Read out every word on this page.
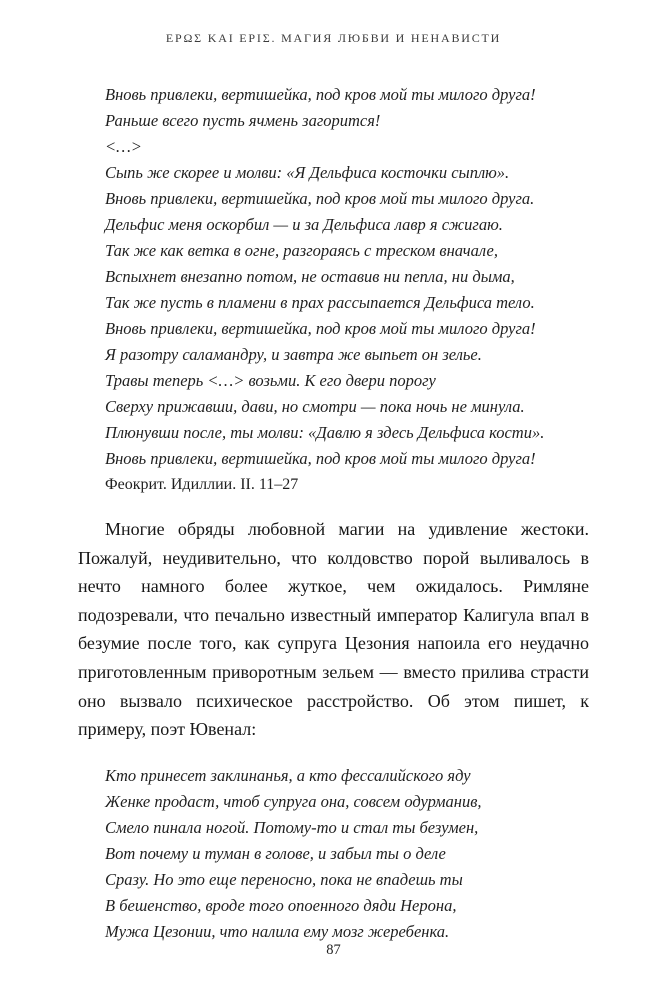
ΕΡΩΣ ΚΑΙ ΕΡΙΣ. МАГИЯ ЛЮБВИ И НЕНАВИСТИ
Вновь привлеки, вертишейка, под кров мой ты милого друга!
Раньше всего пусть ячмень загорится!
<…>
Сыпь же скорее и молви: «Я Дельфиса косточки сыплю».
Вновь привлеки, вертишейка, под кров мой ты милого друга.
Дельфис меня оскорбил — и за Дельфиса лавр я сжигаю.
Так же как ветка в огне, разгораясь с треском вначале,
Вспыхнет внезапно потом, не оставив ни пепла, ни дыма,
Так же пусть в пламени в прах рассыпается Дельфиса тело.
Вновь привлеки, вертишейка, под кров мой ты милого друга!
Я разотру саламандру, и завтра же выпьет он зелье.
Травы теперь <…> возьми. К его двери порогу
Сверху прижавши, дави, но смотри — пока ночь не минула.
Плюнувши после, ты молви: «Давлю я здесь Дельфиса кости».
Вновь привлеки, вертишейка, под кров мой ты милого друга!
Феокрит. Идиллии. II. 11–27
Многие обряды любовной магии на удивление жестоки. Пожалуй, неудивительно, что колдовство порой выливалось в нечто намного более жуткое, чем ожидалось. Римляне подозревали, что печально известный император Калигула впал в безумие после того, как супруга Цезония напоила его неудачно приготовленным приворотным зельем — вместо прилива страсти оно вызвало психическое расстройство. Об этом пишет, к примеру, поэт Ювенал:
Кто принесет заклинанья, а кто фессалийского яду
Женке продаст, чтоб супруга она, совсем одурманив,
Смело пинала ногой. Потому-то и стал ты безумен,
Вот почему и туман в голове, и забыл ты о деле
Сразу. Но это еще переносно, пока не впадешь ты
В бешенство, вроде того опоенного дяди Нерона,
Мужа Цезонии, что налила ему мозг жеребенка.
87
